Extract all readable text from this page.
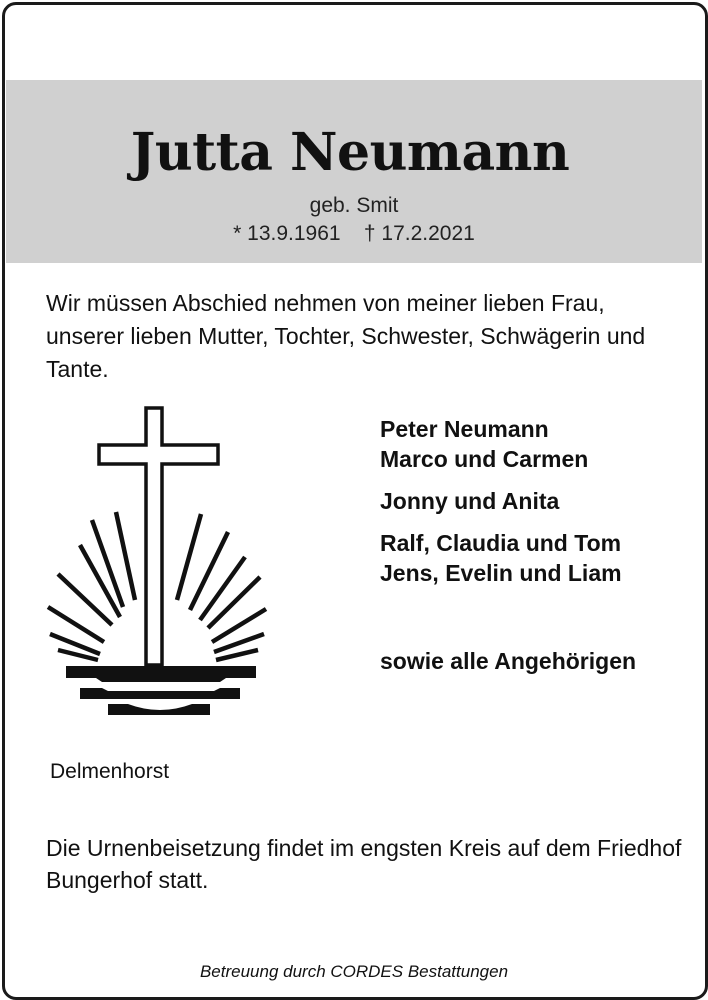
Jutta Neumann
geb. Smit
* 13.9.1961    † 17.2.2021
Wir müssen Abschied nehmen von meiner lieben Frau, unserer lieben Mutter, Tochter, Schwester, Schwägerin und Tante.
Peter Neumann
Marco und Carmen
Jonny und Anita
Ralf, Claudia und Tom
Jens, Evelin und Liam
sowie alle Angehörigen
Delmenhorst
Die Urnenbeisetzung findet im engsten Kreis auf dem Friedhof Bungerhof statt.
Betreuung durch CORDES Bestattungen
